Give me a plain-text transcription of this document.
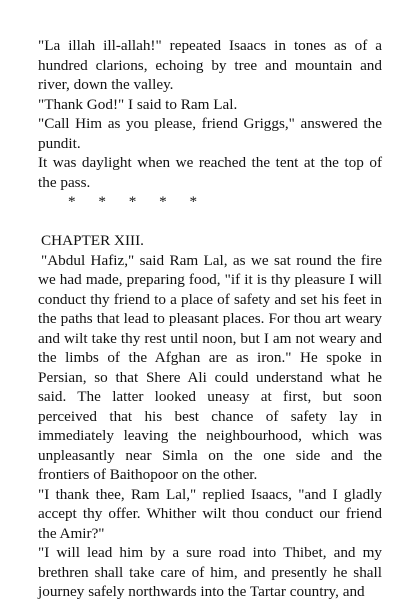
"La illah ill-allah!" repeated Isaacs in tones as of a hundred clarions, echoing by tree and mountain and river, down the valley.

"Thank God!" I said to Ram Lal.

"Call Him as you please, friend Griggs," answered the pundit.

It was daylight when we reached the tent at the top of the pass.

*      *      *      *      *

CHAPTER XIII.

"Abdul Hafiz," said Ram Lal, as we sat round the fire we had made, preparing food, "if it is thy pleasure I will conduct thy friend to a place of safety and set his feet in the paths that lead to pleasant places. For thou art weary and wilt take thy rest until noon, but I am not weary and the limbs of the Afghan are as iron." He spoke in Persian, so that Shere Ali could understand what he said. The latter looked uneasy at first, but soon perceived that his best chance of safety lay in immediately leaving the neighbourhood, which was unpleasantly near Simla on the one side and the frontiers of Baithopoor on the other.

"I thank thee, Ram Lal," replied Isaacs, "and I gladly accept thy offer. Whither wilt thou conduct our friend the Amir?"

"I will lead him by a sure road into Thibet, and my brethren shall take care of him, and presently he shall journey safely northwards into the Tartar country, and
